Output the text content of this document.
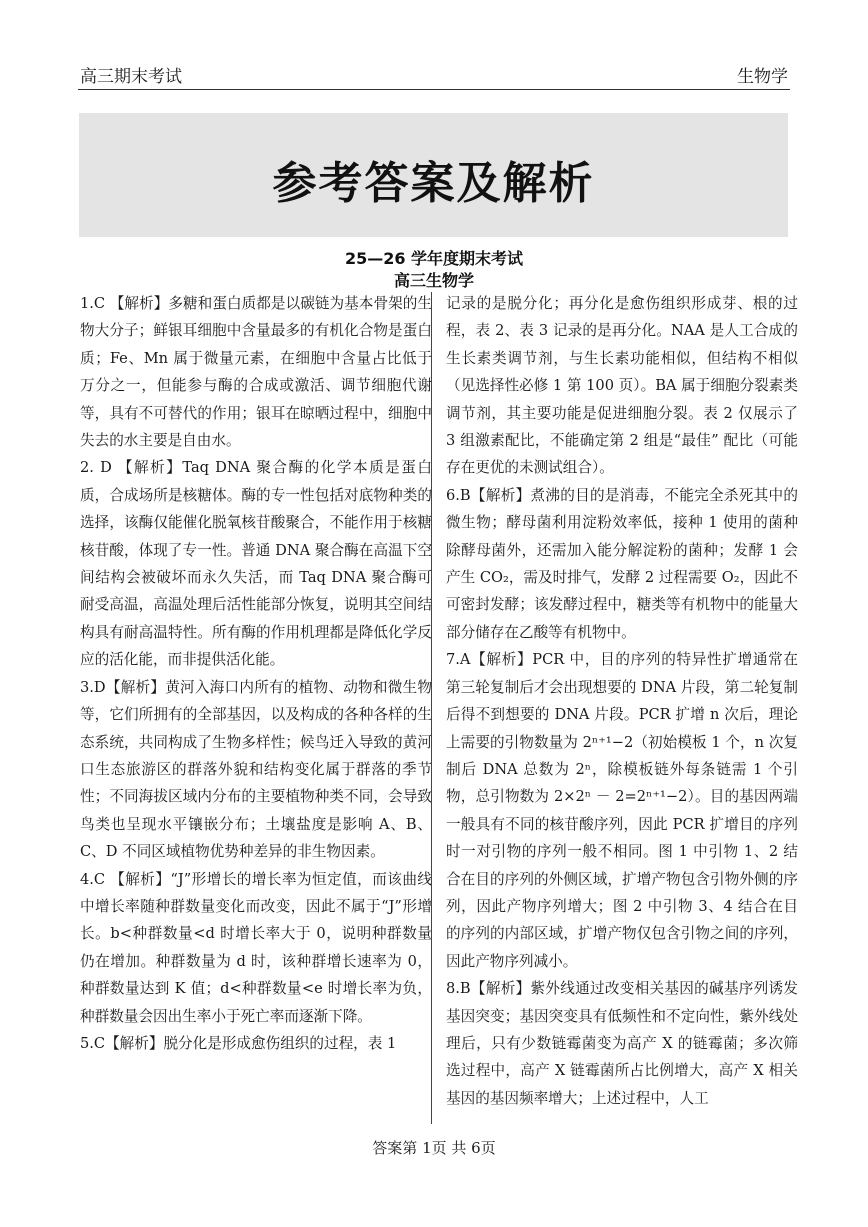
高三期末考试	生物学
参考答案及解析
25—26 学年度期末考试
高三生物学

1.C 【解析】多糖和蛋白质都是以碳链为基本骨架的生物大分子；鲜银耳细胞中含量最多的有机化合物是蛋白质；Fe、Mn 属于微量元素，在细胞中含量占比低于万分之一，但能参与酶的合成或激活、调节细胞代谢等，具有不可替代的作用；银耳在晾晒过程中，细胞中失去的水主要是自由水。

2. D 【解析】Taq DNA 聚合酶的化学本质是蛋白质，合成场所是核糖体。酶的专一性包括对底物种类的选择，该酶仅能催化脱氧核苷酸聚合，不能作用于核糖核苷酸，体现了专一性。普通 DNA 聚合酶在高温下空间结构会被破坏而永久失活，而 Taq DNA 聚合酶可耐受高温，高温处理后活性能部分恢复，说明其空间结构具有耐高温特性。所有酶的作用机理都是降低化学反应的活化能，而非提供活化能。

3.D【解析】黄河入海口内所有的植物、动物和微生物等，它们所拥有的全部基因，以及构成的各种各样的生态系统，共同构成了生物多样性；候鸟迁入导致的黄河口生态旅游区的群落外貌和结构变化属于群落的季节性；不同海拔区域内分布的主要植物种类不同，会导致鸟类也呈现水平镶嵌分布；土壤盐度是影响 A、B、C、D 不同区域植物优势种差异的非生物因素。

4.C 【解析】“J”形增长的增长率为恒定值，而该曲线中增长率随种群数量变化而改变，因此不属于“J”形增长。b<种群数量<d 时增长率大于 0，说明种群数量仍在增加。种群数量为 d 时，该种群增长速率为 0，种群数量达到 K 值；d<种群数量<e 时增长率为负，种群数量会因出生率小于死亡率而逐渐下降。

5.C【解析】脱分化是形成愈伤组织的过程，表 1

记录的是脱分化；再分化是愈伤组织形成芽、根的过程，表 2、表 3 记录的是再分化。NAA 是人工合成的生长素类调节剂，与生长素功能相似，但结构不相似（见选择性必修 1 第 100 页）。BA 属于细胞分裂素类调节剂，其主要功能是促进细胞分裂。表 2 仅展示了 3 组激素配比，不能确定第 2 组是“最佳” 配比（可能存在更优的未测试组合）。

6.B【解析】煮沸的目的是消毒，不能完全杀死其中的微生物；酵母菌利用淀粉效率低，接种 1 使用的菌种除酵母菌外，还需加入能分解淀粉的菌种；发酵 1 会产生 CO₂，需及时排气，发酵 2 过程需要 O₂，因此不可密封发酵；该发酵过程中，糖类等有机物中的能量大部分储存在乙酸等有机物中。

7.A【解析】PCR 中，目的序列的特异性扩增通常在第三轮复制后才会出现想要的 DNA 片段，第二轮复制后得不到想要的 DNA 片段。PCR 扩增 n 次后，理论上需要的引物数量为 2ⁿ⁺¹−2（初始模板 1 个，n 次复制后 DNA 总数为 2ⁿ，除模板链外每条链需 1 个引物，总引物数为 2×2ⁿ － 2=2ⁿ⁺¹−2）。目的基因两端一般具有不同的核苷酸序列，因此 PCR 扩增目的序列时一对引物的序列一般不相同。图 1 中引物 1、2 结合在目的序列的外侧区域，扩增产物包含引物外侧的序列，因此产物序列增大；图 2 中引物 3、4 结合在目的序列的内部区域，扩增产物仅包含引物之间的序列，因此产物序列减小。

8.B【解析】紫外线通过改变相关基因的碱基序列诱发基因突变；基因突变具有低频性和不定向性，紫外线处理后，只有少数链霉菌变为高产 X 的链霉菌；多次筛选过程中，高产 X 链霉菌所占比例增大，高产 X 相关基因的基因频率增大；上述过程中，人工

答案第 1页 共 6页
